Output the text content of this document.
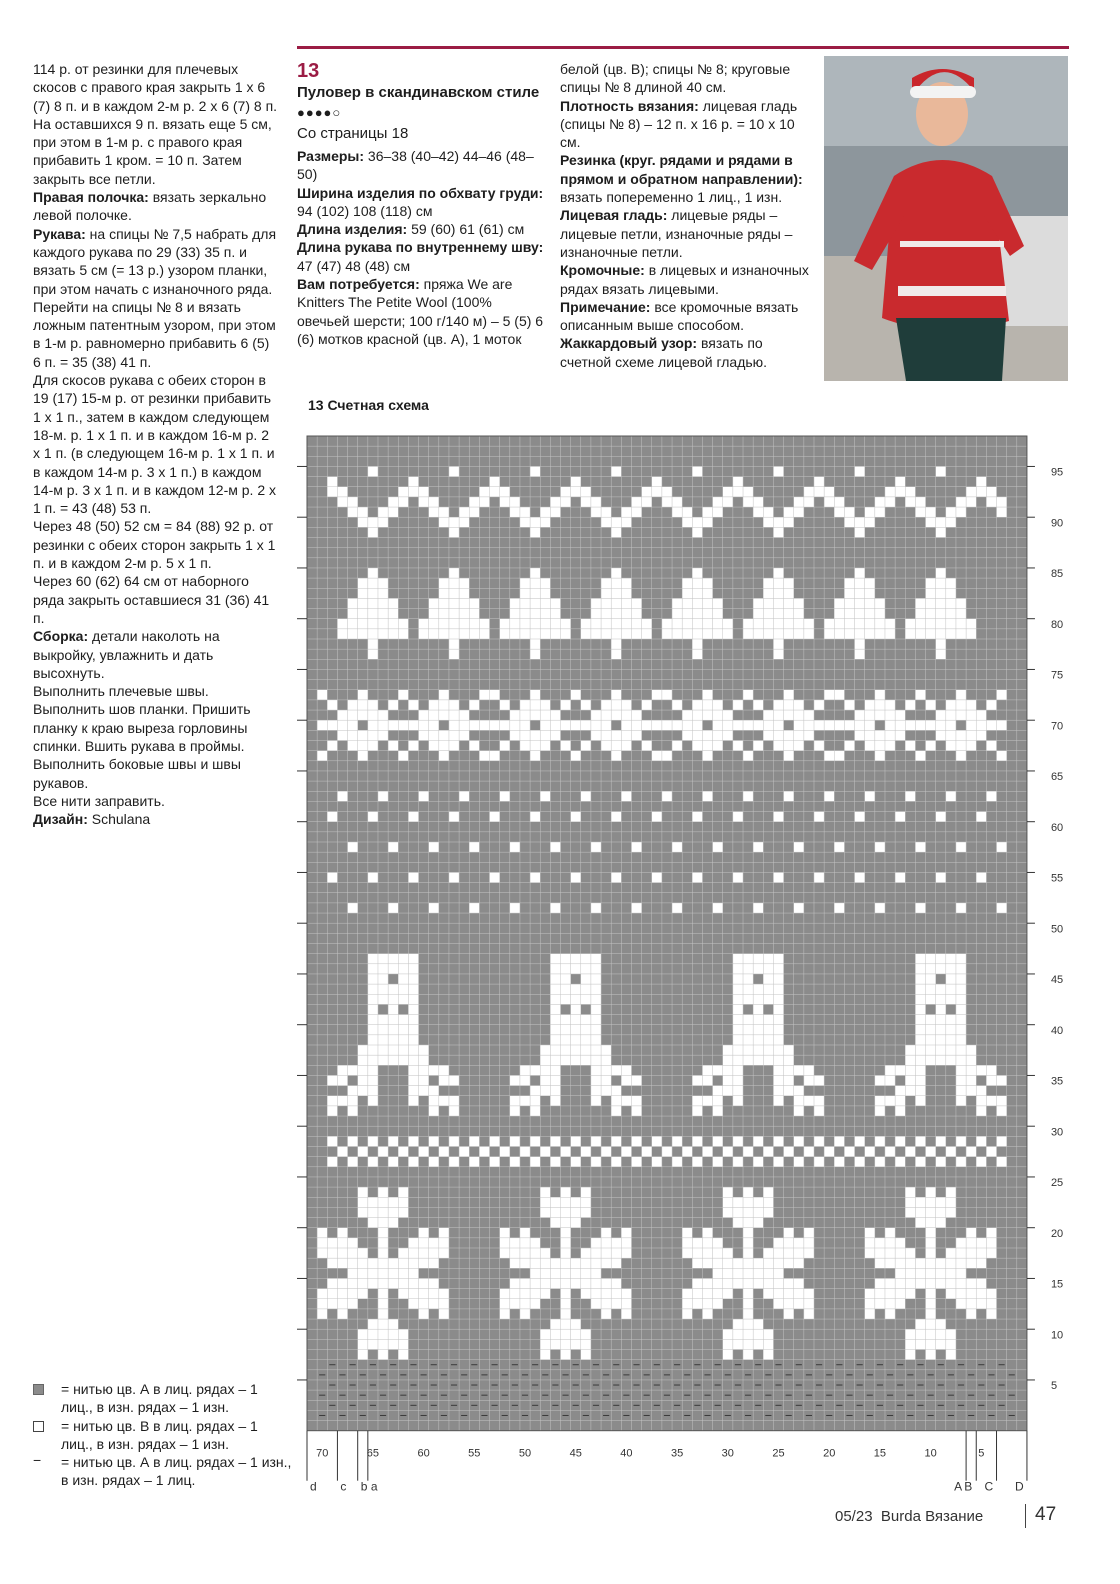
114 р. от резинки для плечевых скосов с правого края закрыть 1 х 6 (7) 8 п. и в каждом 2-м р. 2 х 6 (7) 8 п.

На оставшихся 9 п. вязать еще 5 см, при этом в 1-м р. с правого края прибавить 1 кром. = 10 п. Затем закрыть все петли.

Правая полочка: вязать зеркально левой полочке.

Рукава: на спицы № 7,5 набрать для каждого рукава по 29 (33) 35 п. и вязать 5 см (= 13 р.) узором планки, при этом начать с изнаночного ряда.

Перейти на спицы № 8 и вязать ложным патентным узором, при этом в 1-м р. равномерно прибавить 6 (5) 6 п. = 35 (38) 41 п.

Для скосов рукава с обеих сторон в 19 (17) 15-м р. от резинки прибавить 1 х 1 п., затем в каждом следующем 18-м. р. 1 х 1 п. и в каждом 16-м р. 2 х 1 п. (в следующем 16-м р. 1 х 1 п. и в каждом 14-м р. 3 х 1 п.) в каждом 14-м р. 3 х 1 п. и в каждом 12-м р. 2 х 1 п. = 43 (48) 53 п.

Через 48 (50) 52 см = 84 (88) 92 р. от резинки с обеих сторон закрыть 1 х 1 п. и в каждом 2-м р. 5 х 1 п.

Через 60 (62) 64 см от наборного ряда закрыть оставшиеся 31 (36) 41 п.

Сборка: детали наколоть на выкройку, увлажнить и дать высохнуть.

Выполнить плечевые швы. Выполнить шов планки. Пришить планку к краю выреза горловины спинки. Вшить рукава в проймы. Выполнить боковые швы и швы рукавов.

Все нити заправить.

Дизайн: Schulana

13

Пуловер в скандинавском стиле

●●●●○

Со страницы 18

Размеры: 36–38 (40–42) 44–46 (48–50)

Ширина изделия по обхвату груди: 94 (102) 108 (118) см

Длина изделия: 59 (60) 61 (61) см

Длина рукава по внутреннему шву: 47 (47) 48 (48) см

Вам потребуется: пряжа We are Knitters The Petite Wool (100% овечьей шерсти; 100 г/140 м) – 5 (5) 6 (6) мотков красной (цв. А), 1 моток

белой (цв. В); спицы № 8; круговые спицы № 8 длиной 40 см.

Плотность вязания: лицевая гладь (спицы № 8) – 12 п. х 16 р. = 10 х 10 см.

Резинка (круг. рядами и рядами в прямом и обратном направлении): вязать попеременно 1 лиц., 1 изн.

Лицевая гладь: лицевые ряды – лицевые петли, изнаночные ряды – изнаночные петли.

Кромочные: в лицевых и изнаночных рядах вязать лицевыми.

Примечание: все кромочные вязать описанным выше способом.

Жаккардовый узор: вязать по счетной схеме лицевой гладью.

13 Счетная схема
5
10
15
20
25
30
35
40
45
50
55
60
65
70
75
80
85
90
95
70	65	60	55	50	45	40	35	30	25	20	15	10	5
d c b a	A B C D
= нитью цв. А в лиц. рядах – 1 лиц., в изн. рядах – 1 изн.
= нитью цв. В в лиц. рядах – 1 лиц., в изн. рядах – 1 изн.
− = нитью цв. А в лиц. рядах – 1 изн., в изн. рядах – 1 лиц.
05/23 Burda Вязание	47
